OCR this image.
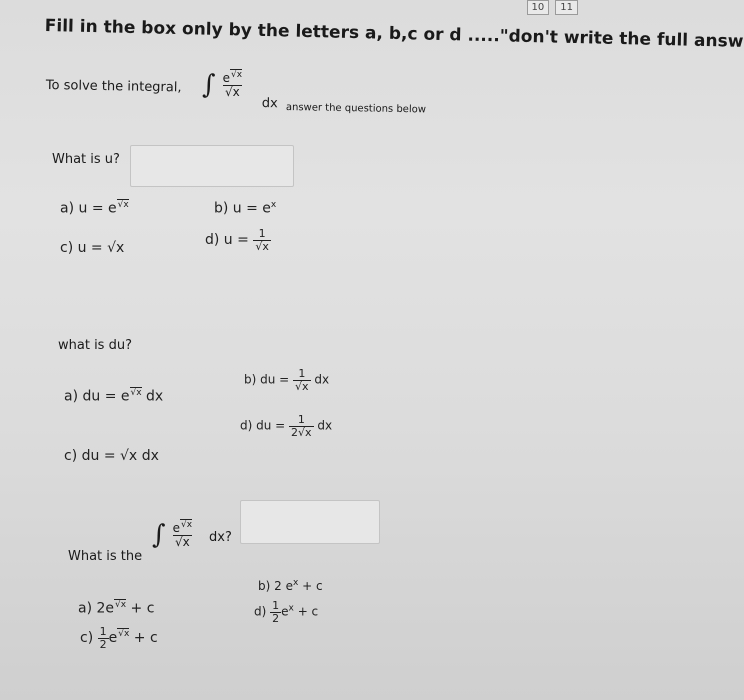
10	11
Fill in the box only by the letters a, b,c or d ....."don't write the full answ
To solve the integral, ∫ $\frac{e^{√x}}{√x}$
dx answer the questions below
What is u?
a) $u = e^{√x}$	b) $u = e^x$
c) u = √x	d) $u = \frac{1}{√x}$
what is du?
a) du = $e^{√x}$ dx
b) du = $\frac{1}{√x}$ dx
c) du = √x dx
d) du = $\frac{1}{2√x}$ dx
What is the
∫ $\frac{e^{√x}}{√x}$ dx?
a) $2e^{√x} + c$
b) 2 $e^x + c$
$c) \frac{1}{2} e^{√x} + c$
$d) \frac{1}{2} e^x + c$
